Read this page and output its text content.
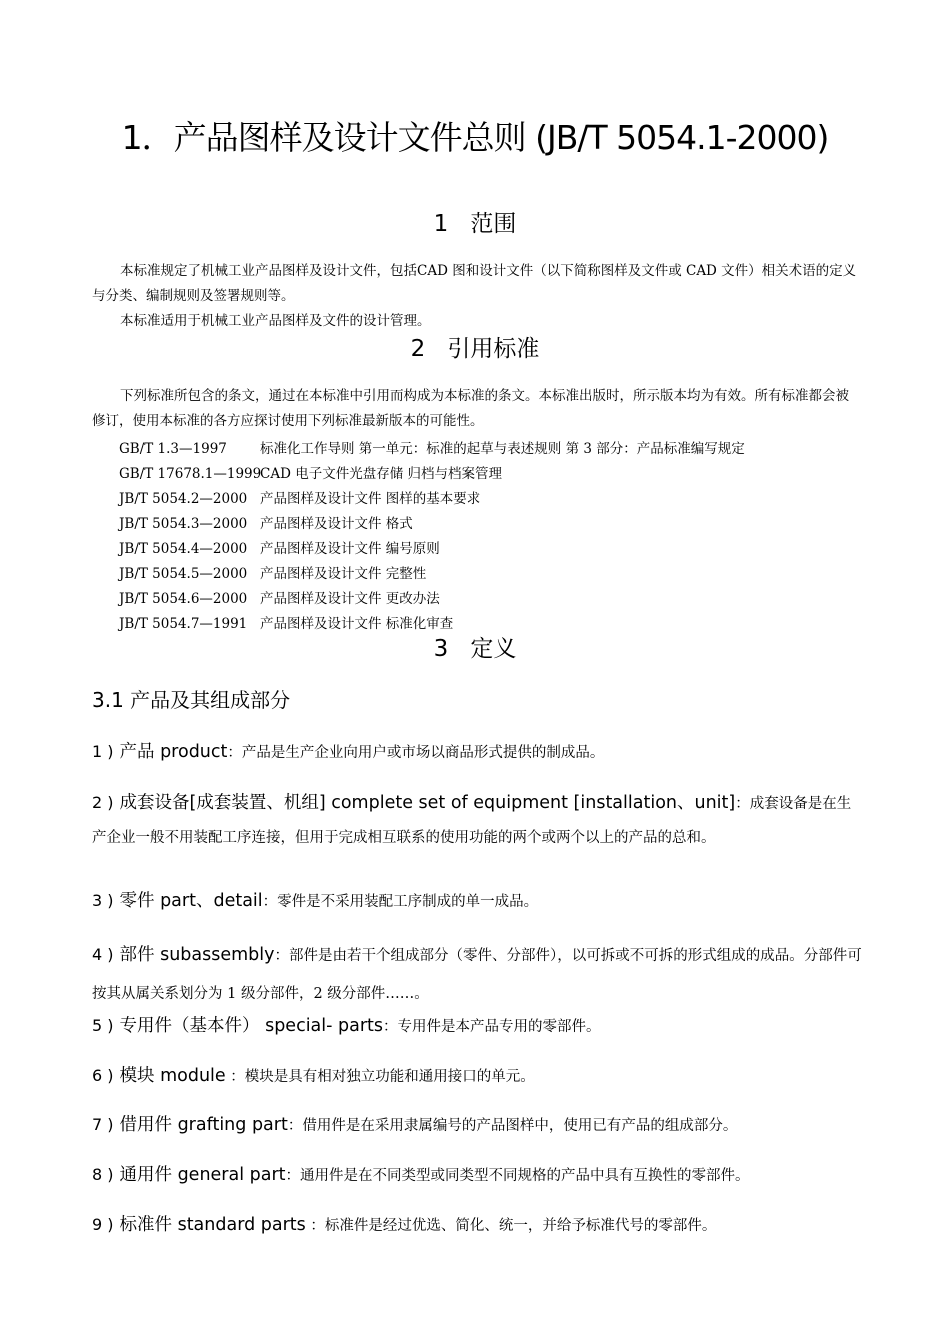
1．产品图样及设计文件总则 (JB/T 5054.1-2000)
1 范围
本标准规定了机械工业产品图样及设计文件，包括CAD 图和设计文件（以下简称图样及文件或 CAD 文件）相关术语的定义与分类、编制规则及签署规则等。
本标准适用于机械工业产品图样及文件的设计管理。
2 引用标准
下列标准所包含的条文，通过在本标准中引用而构成为本标准的条文。本标准出版时，所示版本均为有效。所有标准都会被修订，使用本标准的各方应探讨使用下列标准最新版本的可能性。
GB/T 1.3—1997 标准化工作导则 第一单元：标准的起草与表述规则 第 3 部分：产品标准编写规定
GB/T 17678.1—1999CAD 电子文件光盘存储 归档与档案管理
JB/T 5054.2—2000 产品图样及设计文件 图样的基本要求
JB/T 5054.3—2000 产品图样及设计文件 格式
JB/T 5054.4—2000 产品图样及设计文件 编号原则
JB/T 5054.5—2000 产品图样及设计文件 完整性
JB/T 5054.6—2000 产品图样及设计文件 更改办法
JB/T 5054.7—1991 产品图样及设计文件 标准化审查
3 定义
3.1 产品及其组成部分
1 ) 产品 product：产品是生产企业向用户或市场以商品形式提供的制成品。
2 ) 成套设备[成套装置、机组] complete set of equipment [installation、unit]：成套设备是在生产企业一般不用装配工序连接，但用于完成相互联系的使用功能的两个或两个以上的产品的总和。
3 ) 零件 part、detail：零件是不采用装配工序制成的单一成品。
4 ) 部件 subassembly：部件是由若干个组成部分（零件、分部件），以可拆或不可拆的形式组成的成品。分部件可按其从属关系划分为 1 级分部件，2 级分部件……。
5 ) 专用件（基本件） special- parts：专用件是本产品专用的零部件。
6 ) 模块 module ：模块是具有相对独立功能和通用接口的单元。
7 ) 借用件 grafting part：借用件是在采用隶属编号的产品图样中，使用已有产品的组成部分。
8 ) 通用件 general part：通用件是在不同类型或同类型不同规格的产品中具有互换性的零部件。
9 ) 标准件 standard parts ：标准件是经过优选、简化、统一，并给予标准代号的零部件。
